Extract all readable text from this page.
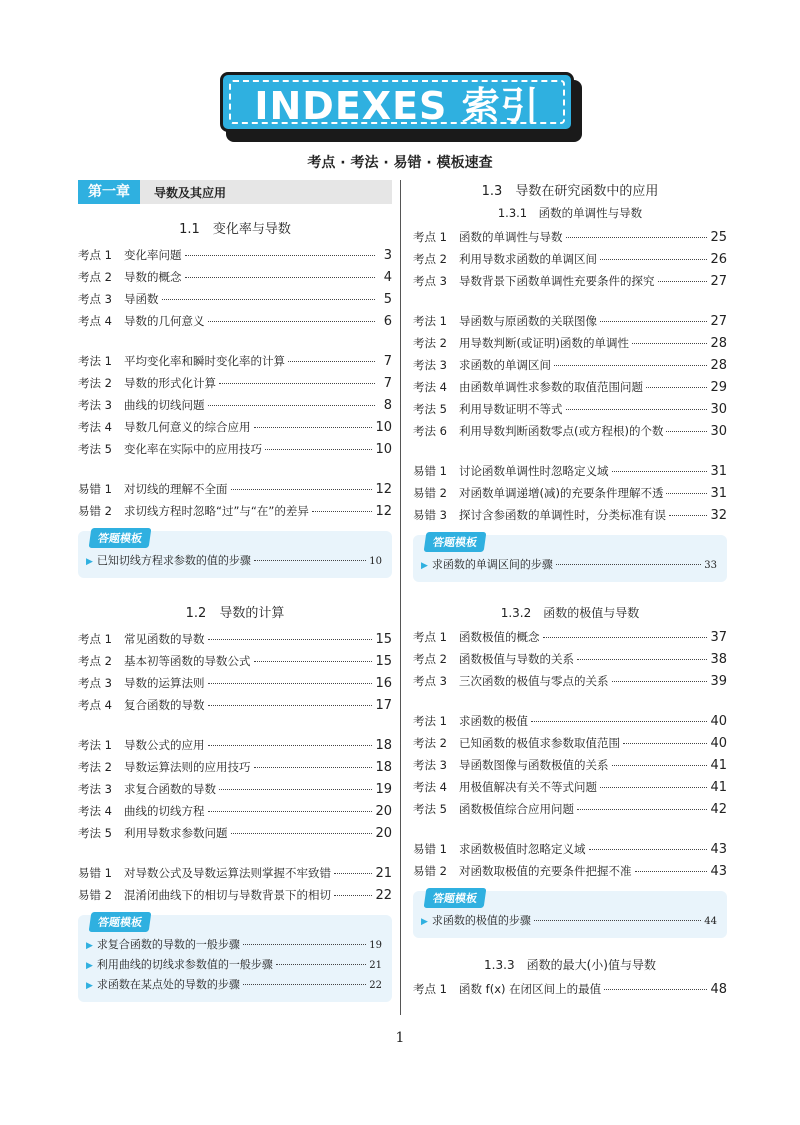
INDEXES 索引
考点 · 考法 · 易错 · 模板速查
第一章	导数及其应用
1.1　变化率与导数
考点 1	变化率问题	3
考点 2	导数的概念	4
考点 3	导函数	5
考点 4	导数的几何意义	6
考法 1	平均变化率和瞬时变化率的计算	7
考法 2	导数的形式化计算	7
考法 3	曲线的切线问题	8
考法 4	导数几何意义的综合应用	10
考法 5	变化率在实际中的应用技巧	10
易错 1	对切线的理解不全面	12
易错 2	求切线方程时忽略“过”与“在”的差异	12
答题模板
▶ 已知切线方程求参数的值的步骤	10
1.2　导数的计算
考点 1	常见函数的导数	15
考点 2	基本初等函数的导数公式	15
考点 3	导数的运算法则	16
考点 4	复合函数的导数	17
考法 1	导数公式的应用	18
考法 2	导数运算法则的应用技巧	18
考法 3	求复合函数的导数	19
考法 4	曲线的切线方程	20
考法 5	利用导数求参数问题	20
易错 1	对导数公式及导数运算法则掌握不牢致错	21
易错 2	混淆闭曲线下的相切与导数背景下的相切	22
答题模板
▶ 求复合函数的导数的一般步骤	19
▶ 利用曲线的切线求参数值的一般步骤	21
▶ 求函数在某点处的导数的步骤	22
1.3　导数在研究函数中的应用
1.3.1　函数的单调性与导数
考点 1	函数的单调性与导数	25
考点 2	利用导数求函数的单调区间	26
考点 3	导数背景下函数单调性充要条件的探究	27
考法 1	导函数与原函数的关联图像	27
考法 2	用导数判断(或证明)函数的单调性	28
考法 3	求函数的单调区间	28
考法 4	由函数单调性求参数的取值范围问题	29
考法 5	利用导数证明不等式	30
考法 6	利用导数判断函数零点(或方程根)的个数	30
易错 1	讨论函数单调性时忽略定义域	31
易错 2	对函数单调递增(减)的充要条件理解不透	31
易错 3	探讨含参函数的单调性时，分类标准有误	32
答题模板
▶ 求函数的单调区间的步骤	33
1.3.2　函数的极值与导数
考点 1	函数极值的概念	37
考点 2	函数极值与导数的关系	38
考点 3	三次函数的极值与零点的关系	39
考法 1	求函数的极值	40
考法 2	已知函数的极值求参数取值范围	40
考法 3	导函数图像与函数极值的关系	41
考法 4	用极值解决有关不等式问题	41
考法 5	函数极值综合应用问题	42
易错 1	求函数极值时忽略定义域	43
易错 2	对函数取极值的充要条件把握不准	43
答题模板
▶ 求函数的极值的步骤	44
1.3.3　函数的最大(小)值与导数
考点 1	函数 f(x) 在闭区间上的最值	48
1
